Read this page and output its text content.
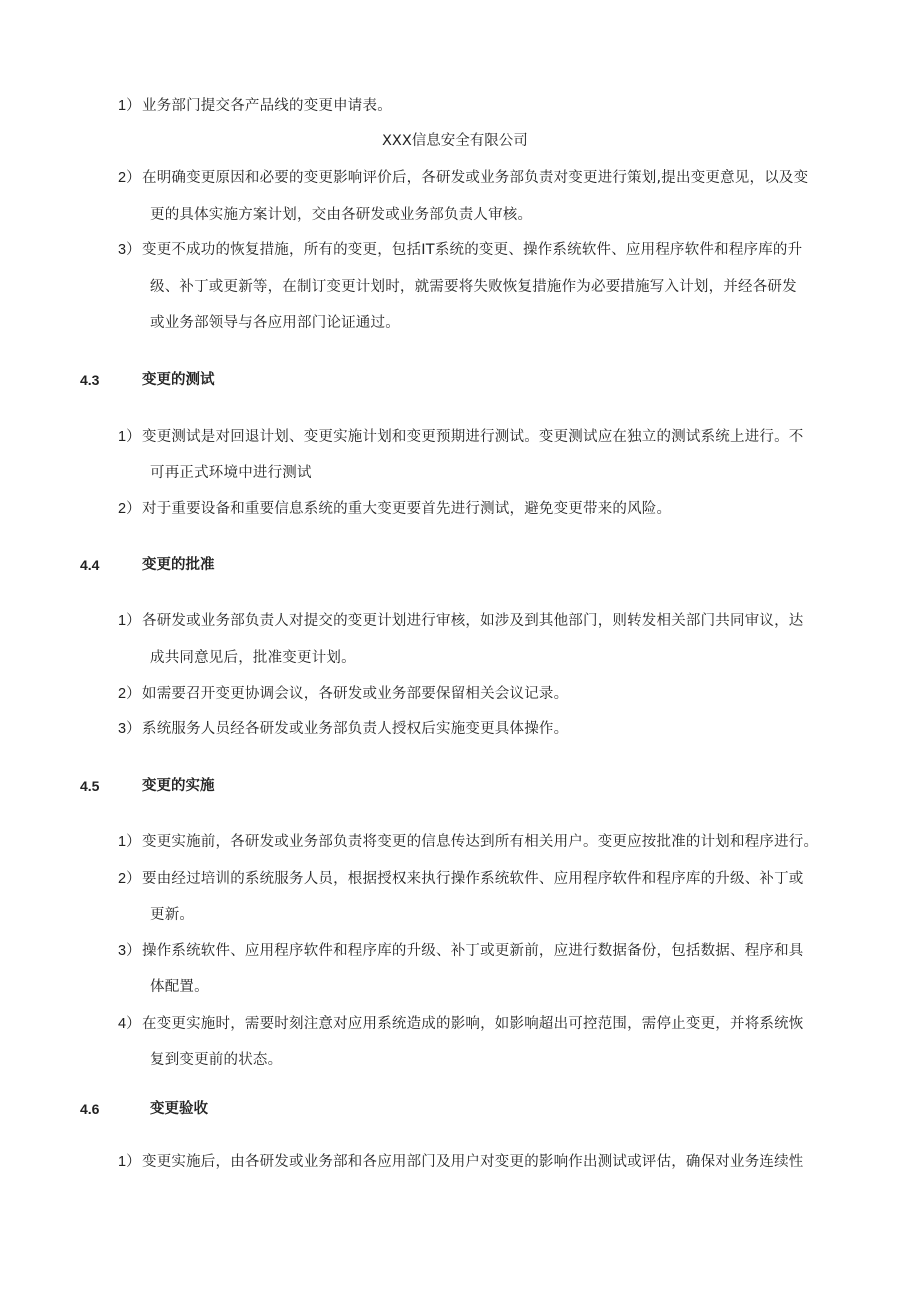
1） 业务部门提交各产品线的变更申请表。
XXX信息安全有限公司
2） 在明确变更原因和必要的变更影响评价后，各研发或业务部负责对变更进行策划,提出变更意见，以及变
更的具体实施方案计划，交由各研发或业务部负责人审核。
3） 变更不成功的恢复措施，所有的变更，包括IT系统的变更、操作系统软件、应用程序软件和程序库的升
级、补丁或更新等，在制订变更计划时，就需要将失败恢复措施作为必要措施写入计划，并经各研发
或业务部领导与各应用部门论证通过。
4.3	变更的测试
1） 变更测试是对回退计划、变更实施计划和变更预期进行测试。变更测试应在独立的测试系统上进行。不
可再正式环境中进行测试
2） 对于重要设备和重要信息系统的重大变更要首先进行测试，避免变更带来的风险。
4.4	变更的批准
1） 各研发或业务部负责人对提交的变更计划进行审核，如涉及到其他部门，则转发相关部门共同审议，达
成共同意见后，批准变更计划。
2） 如需要召开变更协调会议，各研发或业务部要保留相关会议记录。
3） 系统服务人员经各研发或业务部负责人授权后实施变更具体操作。
4.5	变更的实施
1） 变更实施前，各研发或业务部负责将变更的信息传达到所有相关用户。变更应按批准的计划和程序进行。
2） 要由经过培训的系统服务人员，根据授权来执行操作系统软件、应用程序软件和程序库的升级、补丁或
更新。
3） 操作系统软件、应用程序软件和程序库的升级、补丁或更新前，应进行数据备份，包括数据、程序和具
体配置。
4） 在变更实施时，需要时刻注意对应用系统造成的影响，如影响超出可控范围，需停止变更，并将系统恢
复到变更前的状态。
4.6	变更验收
1） 变更实施后，由各研发或业务部和各应用部门及用户对变更的影响作出测试或评估，确保对业务连续性
